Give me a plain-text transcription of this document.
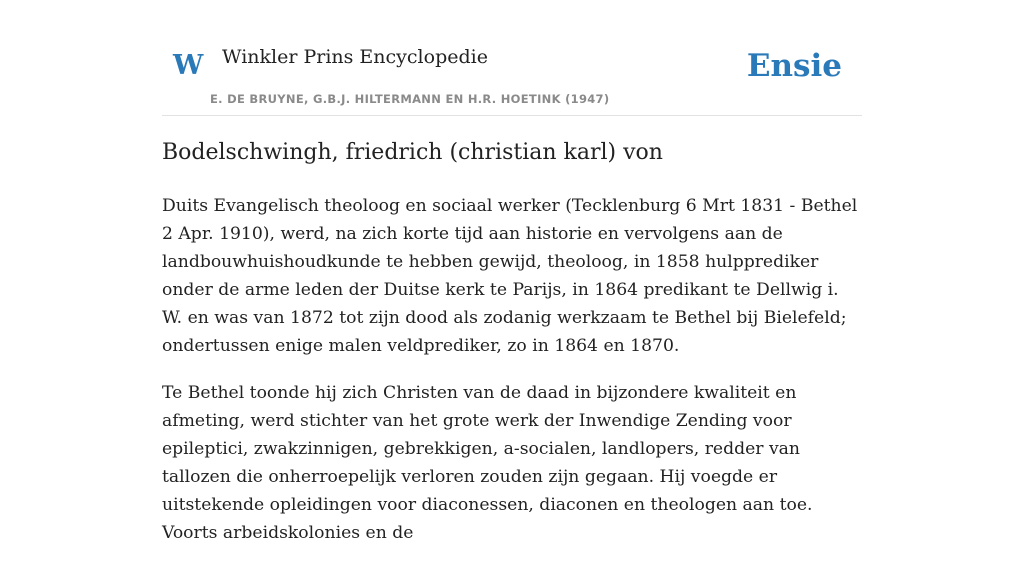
W Winkler Prins Encyclopedie
E. DE BRUYNE, G.B.J. HILTERMANN EN H.R. HOETINK (1947)
Ensie
Bodelschwingh, friedrich (christian karl) von

Duits Evangelisch theoloog en sociaal werker (Tecklenburg 6 Mrt 1831 - Bethel 2 Apr. 1910), werd, na zich korte tijd aan historie en vervolgens aan de landbouwhuishoudkunde te hebben gewijd, theoloog, in 1858 hulpprediker onder de arme leden der Duitse kerk te Parijs, in 1864 predikant te Dellwig i. W. en was van 1872 tot zijn dood als zodanig werkzaam te Bethel bij Bielefeld; ondertussen enige malen veldprediker, zo in 1864 en 1870.

Te Bethel toonde hij zich Christen van de daad in bijzondere kwaliteit en afmeting, werd stichter van het grote werk der Inwendige Zending voor epileptici, zwakzinnigen, gebrekkigen, a-socialen, landlopers, redder van tallozen die onherroepelijk verloren zouden zijn gegaan. Hij voegde er uitstekende opleidingen voor diaconessen, diaconen en theologen aan toe. Voorts arbeidskolonies en de
